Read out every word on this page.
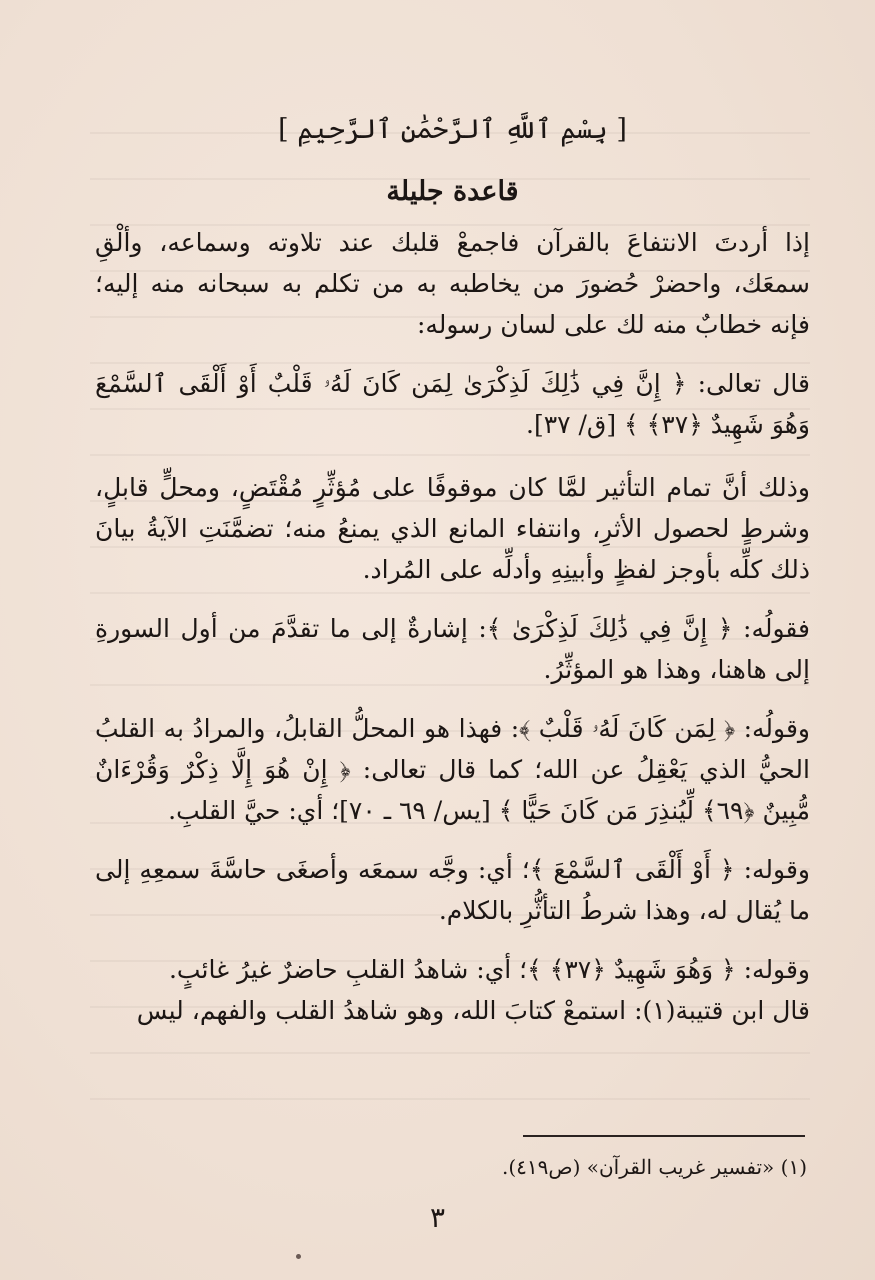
[ بِسْمِ ٱللَّهِ ٱلرَّحْمَٰنِ ٱلرَّحِيمِ ]
قاعدة جليلة

إذا أردتَ الانتفاعَ بالقرآن فاجمعْ قلبك عند تلاوته وسماعه، وألْقِ سمعَك، واحضرْ حُضورَ من يخاطبه به من تكلم به سبحانه منه إليه؛ فإنه خطابٌ منه لك على لسان رسوله:

قال تعالى: ﴿ إِنَّ فِي ذَٰلِكَ لَذِكْرَىٰ لِمَن كَانَ لَهُۥ قَلْبٌ أَوْ أَلْقَى ٱلسَّمْعَ وَهُوَ شَهِيدٌ ﴿٣٧﴾ ﴾ [ق/ ٣٧].

وذلك أنَّ تمام التأثير لمَّا كان موقوفًا على مُؤثِّرٍ مُقْتَضٍ، ومحلٍّ قابلٍ، وشرطٍ لحصول الأثرِ، وانتفاء المانع الذي يمنعُ منه؛ تضمَّنَتِ الآيةُ بيانَ ذلك كلِّه بأوجز لفظٍ وأبينِهِ وأدلِّه على المُراد.

فقولُه: ﴿ إِنَّ فِي ذَٰلِكَ لَذِكْرَىٰ ﴾: إشارةٌ إلى ما تقدَّمَ من أول السورةِ إلى هاهنا، وهذا هو المؤثِّرُ.

وقولُه: ﴿ لِمَن كَانَ لَهُۥ قَلْبٌ ﴾: فهذا هو المحلُّ القابلُ، والمرادُ به القلبُ الحيُّ الذي يَعْقِلُ عن الله؛ كما قال تعالى: ﴿ إِنْ هُوَ إِلَّا ذِكْرٌ وَقُرْءَانٌ مُّبِينٌ ﴿٦٩﴾ لِّيُنذِرَ مَن كَانَ حَيًّا ﴾ [يس/ ٦٩ ـ ٧٠]؛ أي: حيَّ القلبِ.

وقوله: ﴿ أَوْ أَلْقَى ٱلسَّمْعَ ﴾؛ أي: وجَّه سمعَه وأصغَى حاسَّةَ سمعِهِ إلى ما يُقال له، وهذا شرطُ التأثُّرِ بالكلام.

وقوله: ﴿ وَهُوَ شَهِيدٌ ﴿٣٧﴾ ﴾؛ أي: شاهدُ القلبِ حاضرٌ غيرُ غائبٍ.

قال ابن قتيبة(١): استمعْ كتابَ الله، وهو شاهدُ القلب والفهم، ليس

(١) «تفسير غريب القرآن» (ص٤١٩).
٣
